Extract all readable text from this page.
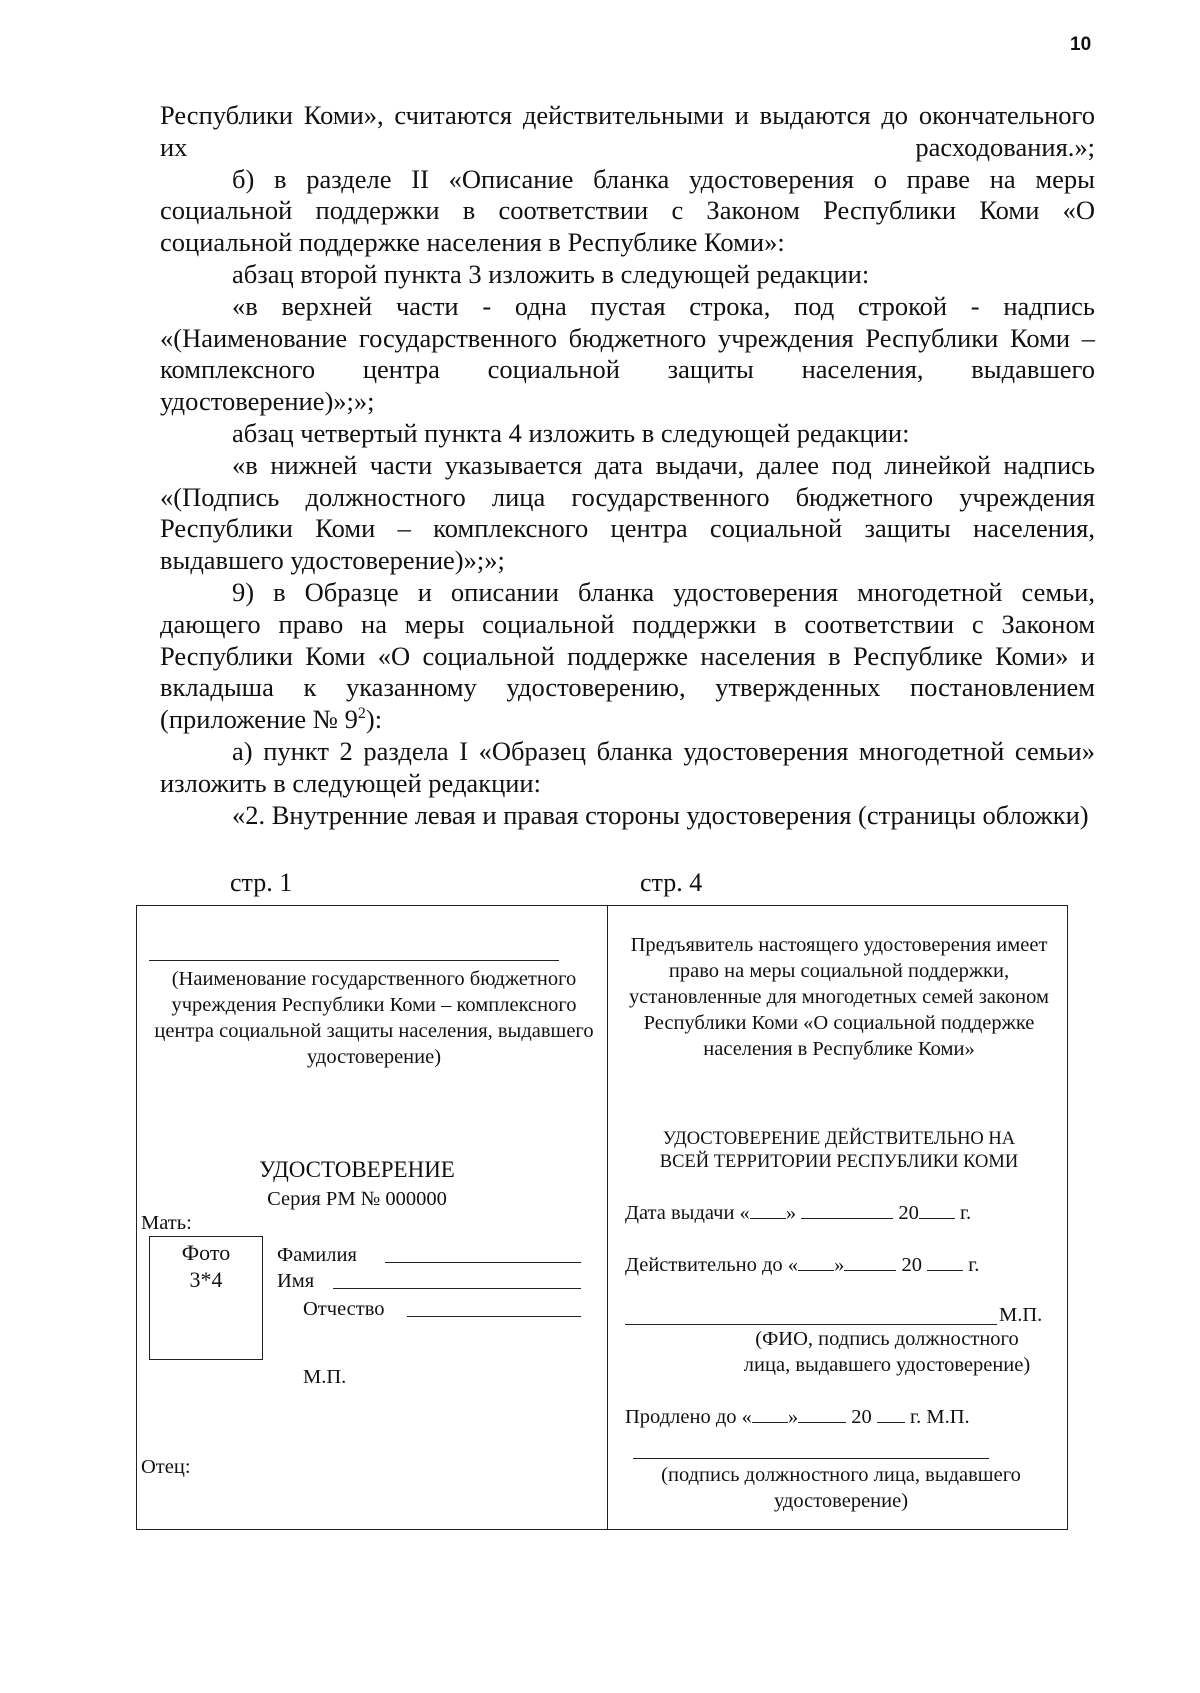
10

Республики Коми», считаются действительными и выдаются до окончательного их расходования.»;

б) в разделе II «Описание бланка удостоверения о праве на меры социальной поддержки в соответствии с Законом Республики Коми «О социальной поддержке населения в Республике Коми»:

абзац второй пункта 3 изложить в следующей редакции:

«в верхней части - одна пустая строка, под строкой - надпись «(Наименование государственного бюджетного учреждения Республики Коми – комплексного центра социальной защиты населения, выдавшего удостоверение)»;»;

абзац четвертый пункта 4 изложить в следующей редакции:

«в нижней части указывается дата выдачи, далее под линейкой надпись «(Подпись должностного лица государственного бюджетного учреждения Республики Коми – комплексного центра социальной защиты населения, выдавшего удостоверение)»;»;

9) в Образце и описании бланка удостоверения многодетной семьи, дающего право на меры социальной поддержки в соответствии с Законом Республики Коми «О социальной поддержке населения в Республике Коми» и вкладыша к указанному удостоверению, утвержденных постановлением (приложение № $9^2$):

а) пункт 2 раздела I «Образец бланка удостоверения многодетной семьи» изложить в следующей редакции:

«2. Внутренние левая и правая стороны удостоверения (страницы обложки)

стр. 1	стр. 4
(Наименование государственного бюджетного учреждения Республики Коми – комплексного центра социальной защиты населения, выдавшего удостоверение)
УДОСТОВЕРЕНИЕ
Серия РМ № 000000
Мать:
Фото
3*4
Фамилия
Имя
Отчество
М.П.
Отец:
Предъявитель настоящего удостоверения имеет право на меры социальной поддержки, установленные для многодетных семей законом Республики Коми «О социальной поддержке населения в Республике Коми»
УДОСТОВЕРЕНИЕ ДЕЙСТВИТЕЛЬНО НА
ВСЕЙ ТЕРРИТОРИИ РЕСПУБЛИКИ КОМИ
Дата выдачи « »	20 г.
Действительно до « »	20 г.
М.П.
(ФИО, подпись должностного лица, выдавшего удостоверение)
Продлено до « »	20 г. М.П.
(подпись должностного лица, выдавшего удостоверение)
